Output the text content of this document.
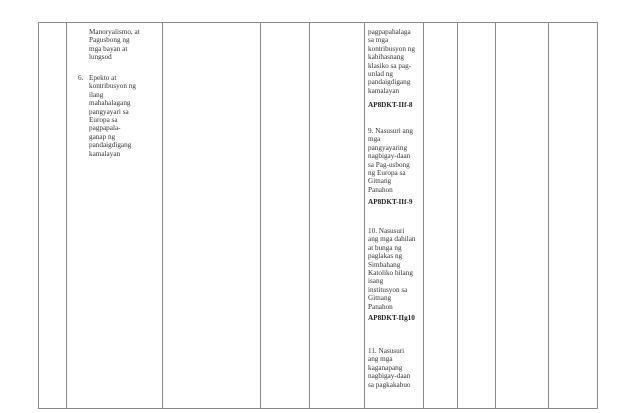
Manoryalismo, at
Pagusbong ng
mga bayan at
lungsod
6. Epekto at
kontribusyon ng
ilang
mahahalagang
pangyayari sa
Europa sa
pagpapala-
ganap ng
pandaigdigang
kamalayan
pagpapahalaga
sa mga
kontribusyon ng
kabihasnang
klasiko sa pag-
unlad ng
pandaigdigang
kamalayan
AP8DKT-IIf-8
9. Nasusuri ang
mga
pangyayaring
nagbigay-daan
sa Pag-usbong
ng Europa sa
Gitnang
Panahon
AP8DKT-IIf-9
10. Nasusuri
ang mga dahilan
at bunga ng
paglakas ng
Simbahang
Katoliko bilang
isang
institusyon sa
Gitnang
Panahon
AP8DKT-IIg10
11. Nasusuri
ang mga
kaganapang
nagbigay-daan
sa pagkakabuo
